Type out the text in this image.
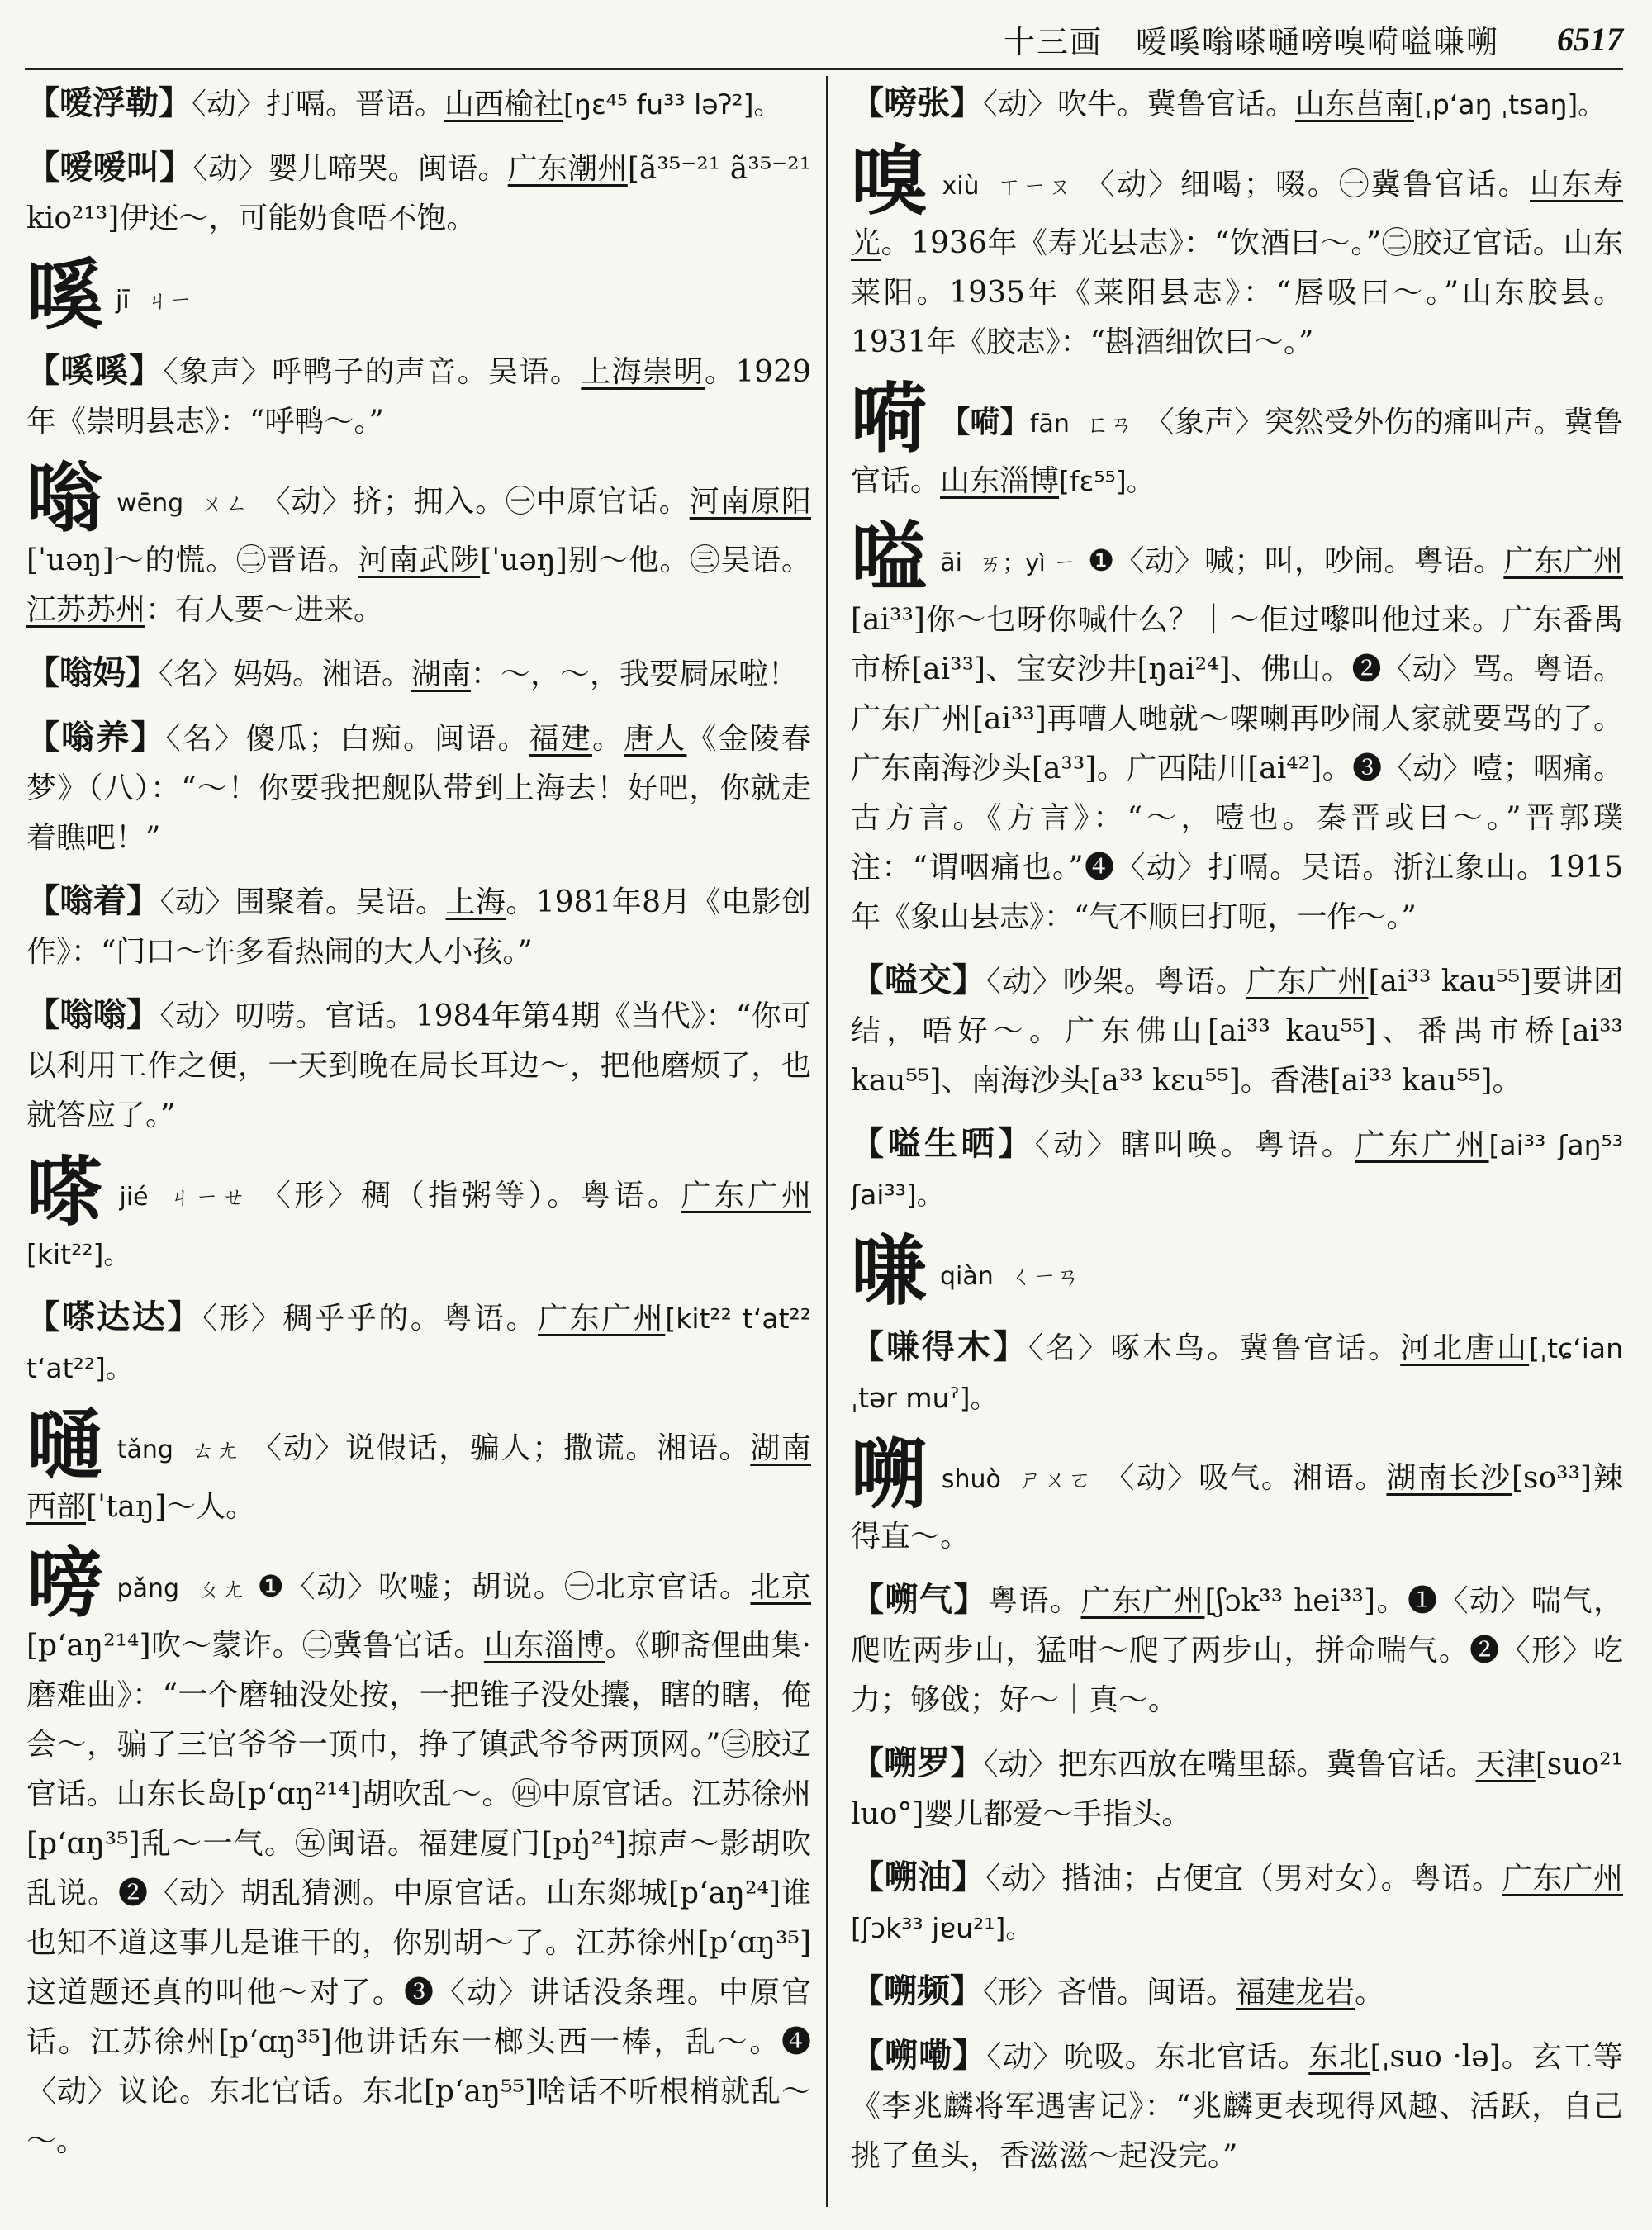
十三画　嗳嗘嗡嗏嗵嗙嗅嗬嗌嗛嗍 6517

【嗳浮勒】〈动〉打嗝。晋语。山西榆社[ŋɛ⁴⁵ fu³³ ləʔ²]。

【嗳嗳叫】〈动〉婴儿啼哭。闽语。广东潮州[ã³⁵⁻²¹ ã³⁵⁻²¹ kio²¹³]伊还～，可能奶食唔不饱。

嗘jī ㄐㄧ

【嗘嗘】〈象声〉呼鸭子的声音。吴语。上海崇明。1929年《崇明县志》：“呼鸭～。”

嗡wēng ㄨㄥ 〈动〉挤；拥入。㊀中原官话。河南原阳[ˈuəŋ]～的慌。㊁晋语。河南武陟[ˈuəŋ]别～他。㊂吴语。江苏苏州：有人要～进来。

【嗡妈】〈名〉妈妈。湘语。湖南：～，～，我要屙尿啦！

【嗡养】〈名〉傻瓜；白痴。闽语。福建。唐人《金陵春梦》（八）：“～！你要我把舰队带到上海去！好吧，你就走着瞧吧！”

【嗡着】〈动〉围聚着。吴语。上海。1981年8月《电影创作》：“门口～许多看热闹的大人小孩。”

【嗡嗡】〈动〉叨唠。官话。1984年第4期《当代》：“你可以利用工作之便，一天到晚在局长耳边～，把他磨烦了，也就答应了。”

嗏jié ㄐㄧㄝ 〈形〉稠（指粥等）。粤语。广东广州[kit²²]。

【嗏达达】〈形〉稠乎乎的。粤语。广东广州[kit²² tʻat²² tʻat²²]。

嗵tǎng ㄊㄤ 〈动〉说假话，骗人；撒谎。湘语。湖南西部[ˈtaŋ]～人。

嗙pǎng ㄆㄤ ❶〈动〉吹嘘；胡说。㊀北京官话。北京[pʻaŋ²¹⁴]吹～蒙诈。㊁冀鲁官话。山东淄博。《聊斋俚曲集·磨难曲》：“一个磨轴没处按，一把锥子没处攮，瞎的瞎，俺会～，骗了三官爷爷一顶巾，挣了镇武爷爷两顶网。”㊂胶辽官话。山东长岛[pʻɑŋ²¹⁴]胡吹乱～。㊃中原官话。江苏徐州[pʻɑŋ³⁵]乱～一气。㊄闽语。福建厦门[pŋ̍²⁴]掠声～影胡吹乱说。❷〈动〉胡乱猜测。中原官话。山东郯城[pʻaŋ²⁴]谁也知不道这事儿是谁干的，你别胡～了。江苏徐州[pʻɑŋ³⁵]这道题还真的叫他～对了。❸〈动〉讲话没条理。中原官话。江苏徐州[pʻɑŋ³⁵]他讲话东一榔头西一棒，乱～。❹〈动〉议论。东北官话。东北[pʻaŋ⁵⁵]啥话不听根梢就乱～～。

【嗙张】〈动〉吹牛。冀鲁官话。山东莒南[ˌpʻaŋ ˌtsaŋ]。

嗅xiù ㄒㄧㄡ 〈动〉细喝；啜。㊀冀鲁官话。山东寿光。1936年《寿光县志》：“饮酒曰～。”㊁胶辽官话。山东莱阳。1935年《莱阳县志》：“唇吸曰～。”山东胶县。1931年《胶志》：“斟酒细饮曰～。”

嗬 【嗬】fān ㄈㄢ 〈象声〉突然受外伤的痛叫声。冀鲁官话。山东淄博[fɛ⁵⁵]。

嗌āi ㄞ；yì ㄧ ❶〈动〉喊；叫，吵闹。粤语。广东广州[ai³³]你～乜呀你喊什么？｜～佢过嚟叫他过来。广东番禺市桥[ai³³]、宝安沙井[ŋai²⁴]、佛山。❷〈动〉骂。粤语。广东广州[ai³³]再嘈人哋就～㗎喇再吵闹人家就要骂的了。广东南海沙头[a³³]。广西陆川[ai⁴²]。❸〈动〉噎；咽痛。古方言。《方言》：“～，噎也。秦晋或曰～。”晋郭璞注：“谓咽痛也。”❹〈动〉打嗝。吴语。浙江象山。1915年《象山县志》：“气不顺曰打呃，一作～。”

【嗌交】〈动〉吵架。粤语。广东广州[ai³³ kau⁵⁵]要讲团结，唔好～。广东佛山[ai³³ kau⁵⁵]、番禺市桥[ai³³ kau⁵⁵]、南海沙头[a³³ kɛu⁵⁵]。香港[ai³³ kau⁵⁵]。

【嗌生晒】〈动〉瞎叫唤。粤语。广东广州[ai³³ ʃaŋ⁵³ ʃai³³]。

嗛qiàn ㄑㄧㄢ

【嗛得木】〈名〉啄木鸟。冀鲁官话。河北唐山[ˌtɕʻian ˌtər muˀ]。

嗍shuò ㄕㄨㄛ 〈动〉吸气。湘语。湖南长沙[so³³]辣得直～。

【嗍气】粤语。广东广州[ʃɔk³³ hei³³]。❶〈动〉喘气，爬咗两步山，猛咁～爬了两步山，拼命喘气。❷〈形〉吃力；够戗；好～｜真～。

【嗍罗】〈动〉把东西放在嘴里舔。冀鲁官话。天津[suo²¹ luo°]婴儿都爱～手指头。

【嗍油】〈动〉揩油；占便宜（男对女）。粤语。广东广州[ʃɔk³³ jɐu²¹]。

【嗍频】〈形〉吝惜。闽语。福建龙岩。

【嗍嘞】〈动〉吮吸。东北官话。东北[ˌsuo ·lə]。玄工等《李兆麟将军遇害记》：“兆麟更表现得风趣、活跃，自己挑了鱼头，香滋滋～起没完。”
